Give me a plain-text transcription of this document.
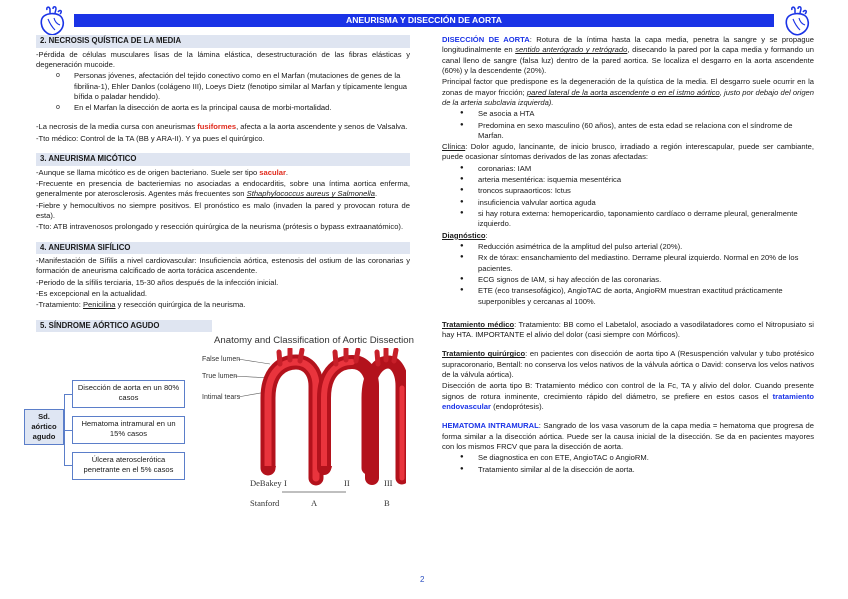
ANEURISMA Y DISECCIÓN DE AORTA
2. NECROSIS QUÍSTICA DE LA MEDIA

-Pérdida de células musculares lisas de la lámina elástica, desestructuración de las fibras elásticas y degeneración mucoide.

o Personas jóvenes, afectación del tejido conectivo como en el Marfan (mutaciones de genes de la fibrilina-1), Ehler Danlos (colágeno III), Loeys Dietz (fenotipo similar al Marfan y típicamente lengua bífida o paladar hendido).
o En el Marfan la disección de aorta es la principal causa de morbi-mortalidad.

-La necrosis de la media cursa con aneurismas fusiformes, afecta a la aorta ascendente y senos de Valsalva.

-Tto médico: Control de la TA (BB y ARA-II). Y ya pues el quirúrgico.

3. ANEURISMA MICÓTICO

-Aunque se llama micótico es de origen bacteriano. Suele ser tipo sacular.

-Frecuente en presencia de bacteriemias no asociadas a endocarditis, sobre una íntima aortica enferma, generalmente por aterosclerosis. Agentes más frecuentes son Sthaphylococcus aureus y Salmonella.

-Fiebre y hemocultivos no siempre positivos. El pronóstico es malo (invaden la pared y provocan rotura de esta).

-Tto: ATB intravenosos prolongado y resección quirúrgica de la neurisma (prótesis o bypass extraanatómico).

4. ANEURISMA SIFÍLICO

-Manifestación de Sífilis a nivel cardiovascular: Insuficiencia aórtica, estenosis del ostium de las coronarias y formación de aneurisma calcificado de aorta torácica ascendente.

-Periodo de la sífilis terciaria, 15-30 años después de la infección inicial.

-Es excepcional en la actualidad.

-Tratamiento: Penicilina y resección quirúrgica de la neurisma.

5. SÍNDROME AÓRTICO AGUDO
Sd. aórtico agudo
Disección de aorta en un 80% casos
Hematoma intramural en un 15% casos
Úlcera aterosclerótica penetrante en el 5% casos
Anatomy and Classification of Aortic Dissection
False lumen
True lumen
Intimal tears
DeBakey I	II	III
Stanford	A	B

DISECCIÓN DE AORTA: Rotura de la íntima hasta la capa media, penetra la sangre y se propague longitudinalmente en sentido anterógrado y retrógrado, disecando la pared por la capa media y formando un canal lleno de sangre (falsa luz) dentro de la pared aortica. Se localiza el desgarro en la aorta ascendente (60%) y la descendente (20%).

Principal factor que predispone es la degeneración de la quística de la media. El desgarro suele ocurrir en la zonas de mayor fricción; pared lateral de la aorta ascendente o en el istmo aórtico, justo por debajo del origen de la arteria subclavia izquierda).

● Se asocia a HTA
● Predomina en sexo masculino (60 años), antes de esta edad se relaciona con el síndrome de Marfan.

Clínica: Dolor agudo, lancinante, de inicio brusco, irradiado a región interescapular, puede ser cambiante, puede ocasionar síntomas derivados de las zonas afectadas:

● coronarias: IAM
● arteria mesentérica: isquemia mesentérica
● troncos supraaorticos: Ictus
● insuficiencia valvular aortica aguda
● si hay rotura externa: hemopericardio, taponamiento cardíaco o derrame pleural, generalmente izquierdo.

Diagnóstico:

● Reducción asimétrica de la amplitud del pulso arterial (20%).
● Rx de tórax: ensanchamiento del mediastino. Derrame pleural izquierdo. Normal en 20% de los pacientes.
● ECG signos de IAM, si hay afección de las coronarias.
● ETE (eco transesofágico), AngioTAC de aorta, AngioRM muestran exactitud prácticamente superponibles y cercanas al 100%.

Tratamiento médico: Tratamiento: BB como el Labetalol, asociado a vasodilatadores como el Nitropusiato si hay HTA. IMPORTANTE el alivio del dolor (casi siempre con Mórficos).

Tratamiento quirúrgico: en pacientes con disección de aorta tipo A (Resuspención valvular y tubo protésico supracoronario, Bentall: no conserva los velos nativos de la válvula aórtica o David: conserva los velos nativos de la válvula aórtica).

Disección de aorta tipo B: Tratamiento médico con control de la Fc, TA y alivio del dolor. Cuando presente signos de rotura inminente, crecimiento rápido del diámetro, se prefiere en estos casos el tratamiento endovascular (endoprótesis).

HEMATOMA INTRAMURAL: Sangrado de los vasa vasorum de la capa media = hematoma que progresa de forma similar a la disección aórtica. Puede ser la causa inicial de la disección. Se da en pacientes mayores con los mismos FRCV que para la disección de aorta.

● Se diagnostica en con ETE, AngioTAC o AngioRM.
● Tratamiento similar al de la disección de aorta.
2
